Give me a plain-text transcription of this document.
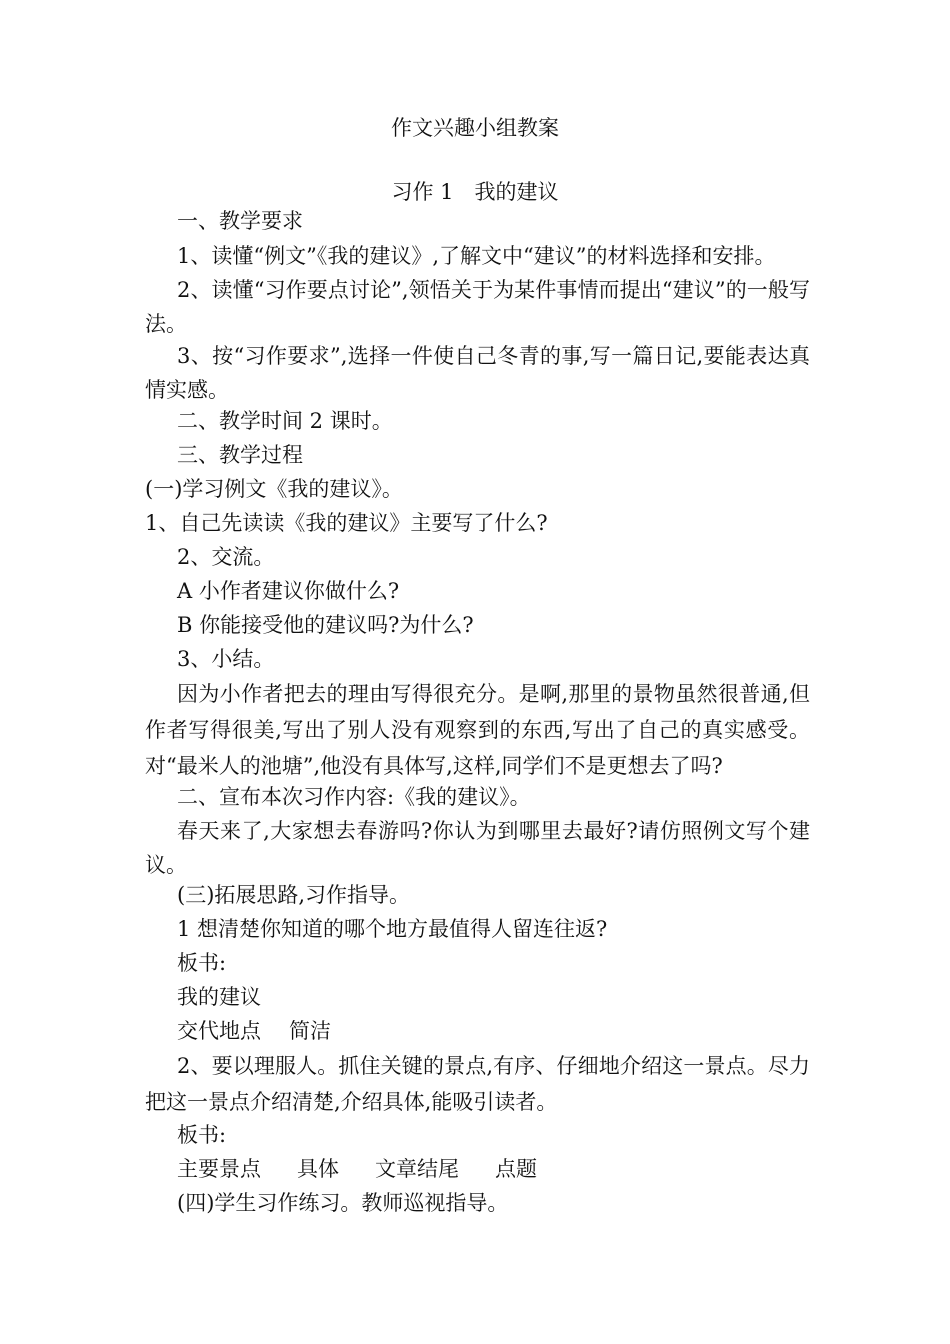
作文兴趣小组教案
习作 1　我的建议
一、教学要求
1、读懂“例文”《我的建议》,了解文中“建议”的材料选择和安排。

2、读懂“习作要点讨论”,领悟关于为某件事情而提出“建议”的一般写法。

3、按“习作要求”,选择一件使自己冬青的事,写一篇日记,要能表达真情实感。

二、教学时间 2 课时。
三、教学过程
(一)学习例文《我的建议》。
1、自己先读读《我的建议》主要写了什么?
2、交流。
A 小作者建议你做什么?
B 你能接受他的建议吗?为什么?
3、小结。

因为小作者把去的理由写得很充分。是啊,那里的景物虽然很普通,但作者写得很美,写出了别人没有观察到的东西,写出了自己的真实感受。对“最米人的池塘”,他没有具体写,这样,同学们不是更想去了吗?

二、宣布本次习作内容:《我的建议》。

春天来了,大家想去春游吗?你认为到哪里去最好?请仿照例文写个建议。

(三)拓展思路,习作指导。
1 想清楚你知道的哪个地方最值得人留连往返?
板书:
我的建议
交代地点 简洁

2、要以理服人。抓住关键的景点,有序、仔细地介绍这一景点。尽力把这一景点介绍清楚,介绍具体,能吸引读者。

板书:
主要景点 具体 文章结尾 点题
(四)学生习作练习。教师巡视指导。
